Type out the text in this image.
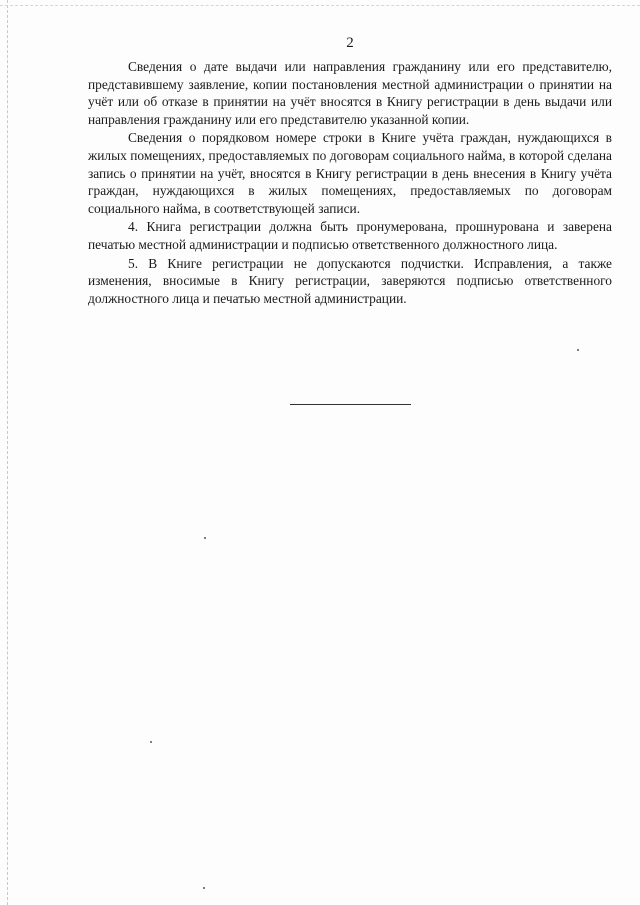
2

Сведения о дате выдачи или направления гражданину или его представителю, представившему заявление, копии постановления местной администрации о принятии на учёт или об отказе в принятии на учёт вносятся в Книгу регистрации в день выдачи или направления гражданину или его представителю указанной копии.

Сведения о порядковом номере строки в Книге учёта граждан, нуждающихся в жилых помещениях, предоставляемых по договорам социального найма, в которой сделана запись о принятии на учёт, вносятся в Книгу регистрации в день внесения в Книгу учёта граждан, нуждающихся в жилых помещениях, предоставляемых по договорам социального найма, в соответствующей записи.

4. Книга регистрации должна быть пронумерована, прошнурована и заверена печатью местной администрации и подписью ответственного должностного лица.

5. В Книге регистрации не допускаются подчистки. Исправления, а также изменения, вносимые в Книгу регистрации, заверяются подписью ответственного должностного лица и печатью местной администрации.
